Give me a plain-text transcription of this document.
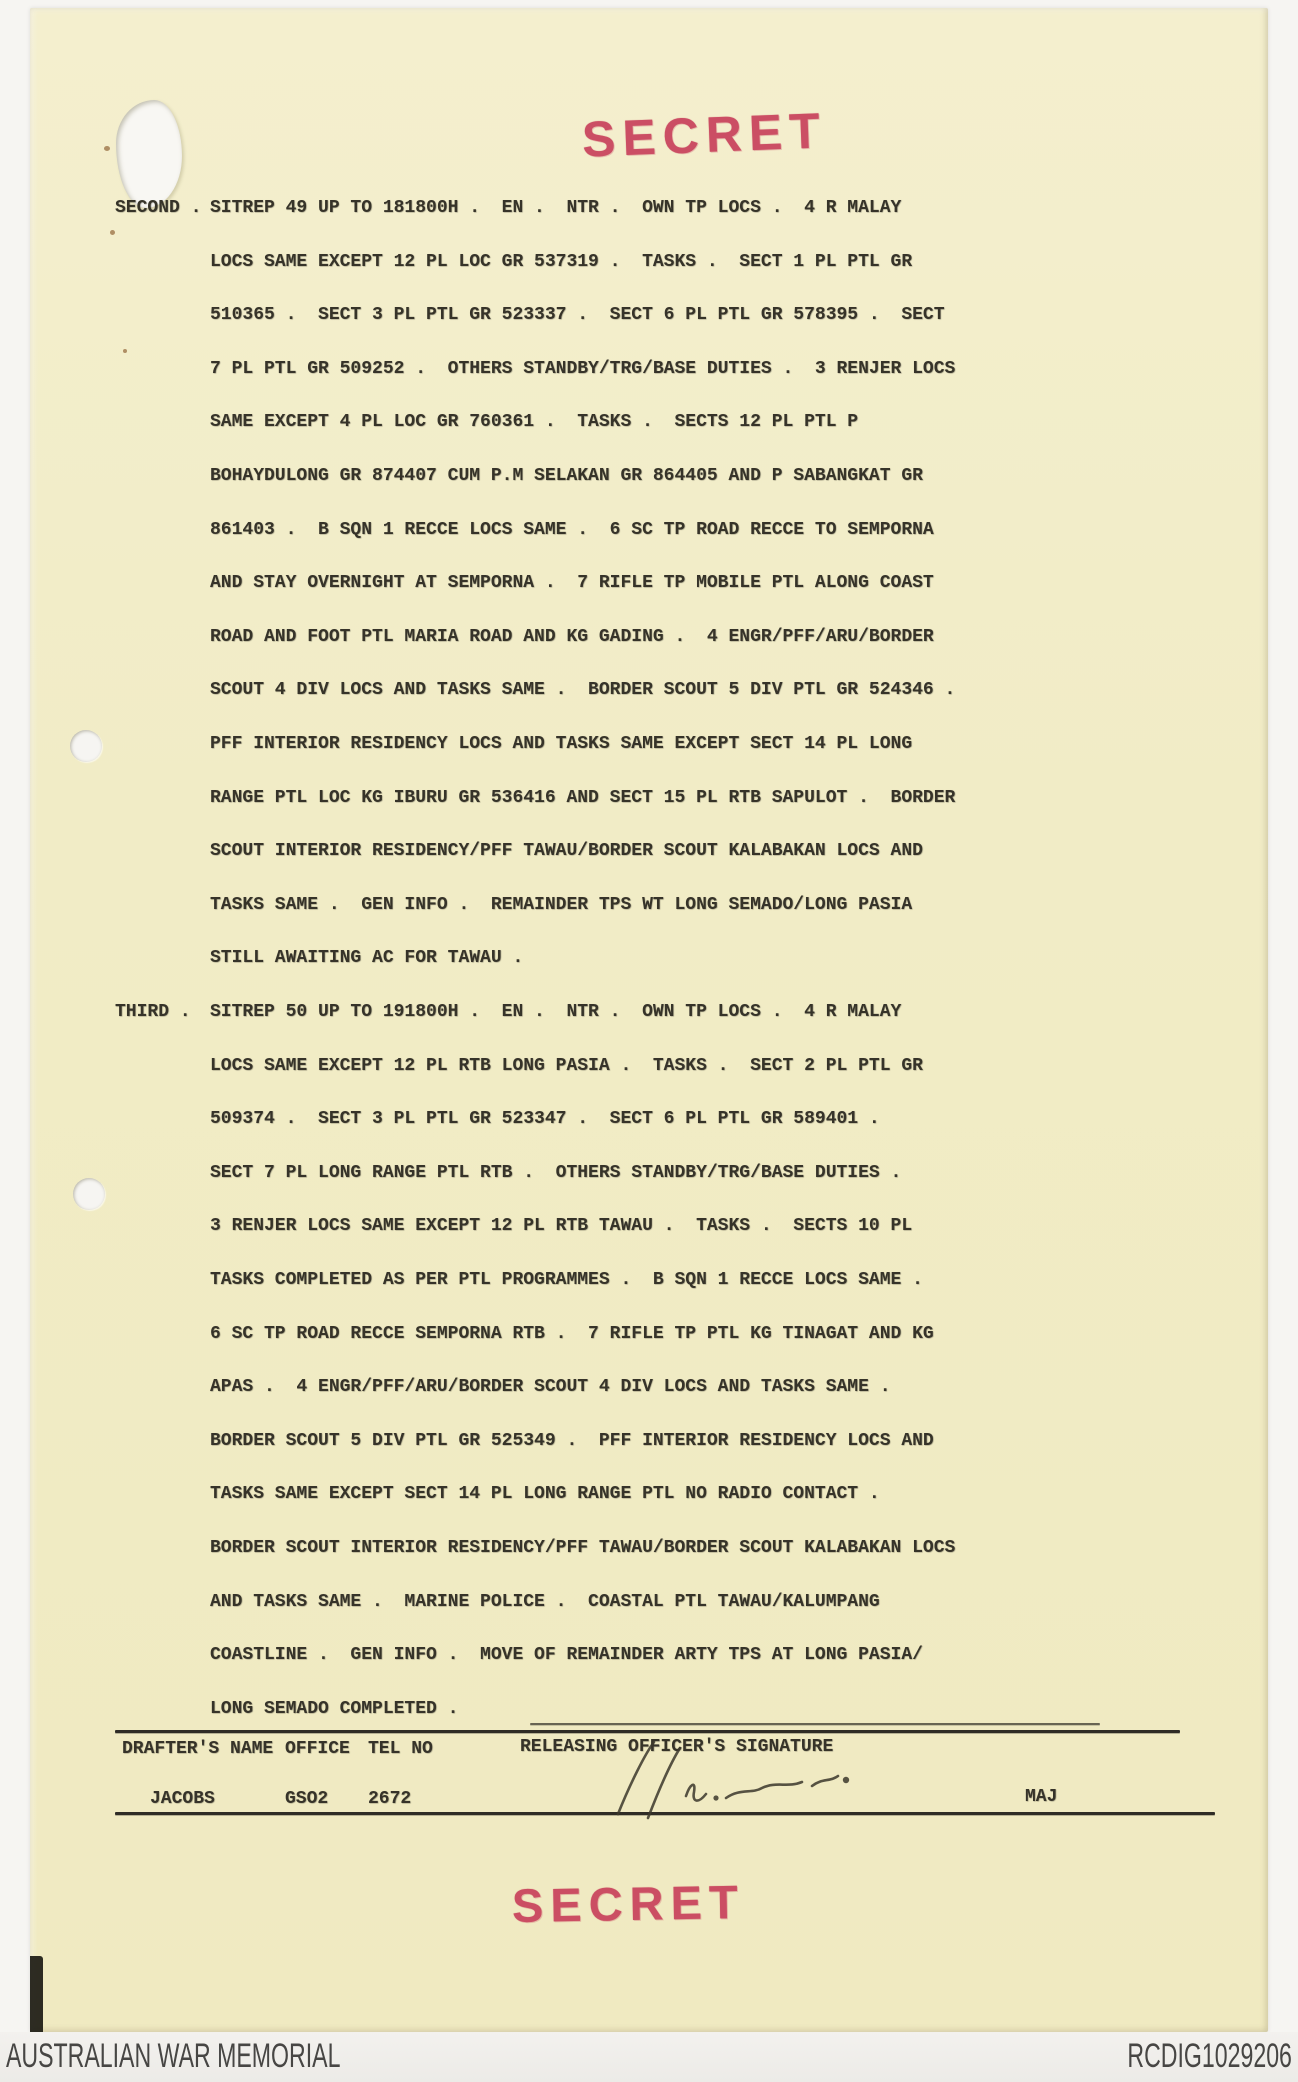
SECRET
SECRET
SECOND . SITREP 49 UP TO 181800H .  EN .  NTR .  OWN TP LOCS .  4 R MALAY
LOCS SAME EXCEPT 12 PL LOC GR 537319 .  TASKS .  SECT 1 PL PTL GR
510365 .  SECT 3 PL PTL GR 523337 .  SECT 6 PL PTL GR 578395 .  SECT
7 PL PTL GR 509252 .  OTHERS STANDBY/TRG/BASE DUTIES .  3 RENJER LOCS
SAME EXCEPT 4 PL LOC GR 760361 .  TASKS .  SECTS 12 PL PTL P
BOHAYDULONG GR 874407 CUM P.M SELAKAN GR 864405 AND P SABANGKAT GR
861403 .  B SQN 1 RECCE LOCS SAME .  6 SC TP ROAD RECCE TO SEMPORNA
AND STAY OVERNIGHT AT SEMPORNA .  7 RIFLE TP MOBILE PTL ALONG COAST
ROAD AND FOOT PTL MARIA ROAD AND KG GADING .  4 ENGR/PFF/ARU/BORDER
SCOUT 4 DIV LOCS AND TASKS SAME .  BORDER SCOUT 5 DIV PTL GR 524346 .
PFF INTERIOR RESIDENCY LOCS AND TASKS SAME EXCEPT SECT 14 PL LONG
RANGE PTL LOC KG IBURU GR 536416 AND SECT 15 PL RTB SAPULOT .  BORDER
SCOUT INTERIOR RESIDENCY/PFF TAWAU/BORDER SCOUT KALABAKAN LOCS AND
TASKS SAME .  GEN INFO .  REMAINDER TPS WT LONG SEMADO/LONG PASIA
STILL AWAITING AC FOR TAWAU .
THIRD . SITREP 50 UP TO 191800H .  EN .  NTR .  OWN TP LOCS .  4 R MALAY
LOCS SAME EXCEPT 12 PL RTB LONG PASIA .  TASKS .  SECT 2 PL PTL GR
509374 .  SECT 3 PL PTL GR 523347 .  SECT 6 PL PTL GR 589401 .
SECT 7 PL LONG RANGE PTL RTB .  OTHERS STANDBY/TRG/BASE DUTIES .
3 RENJER LOCS SAME EXCEPT 12 PL RTB TAWAU .  TASKS .  SECTS 10 PL
TASKS COMPLETED AS PER PTL PROGRAMMES .  B SQN 1 RECCE LOCS SAME .
6 SC TP ROAD RECCE SEMPORNA RTB .  7 RIFLE TP PTL KG TINAGAT AND KG
APAS .  4 ENGR/PFF/ARU/BORDER SCOUT 4 DIV LOCS AND TASKS SAME .
BORDER SCOUT 5 DIV PTL GR 525349 .  PFF INTERIOR RESIDENCY LOCS AND
TASKS SAME EXCEPT SECT 14 PL LONG RANGE PTL NO RADIO CONTACT .
BORDER SCOUT INTERIOR RESIDENCY/PFF TAWAU/BORDER SCOUT KALABAKAN LOCS
AND TASKS SAME .  MARINE POLICE .  COASTAL PTL TAWAU/KALUMPANG
COASTLINE .  GEN INFO .  MOVE OF REMAINDER ARTY TPS AT LONG PASIA/
LONG SEMADO COMPLETED .
DRAFTER'S NAME OFFICE TEL NO	RELEASING OFFICER'S SIGNATURE
JACOBS	GSO2 2672	MAJ
AUSTRALIAN WAR MEMORIAL	RCDIG1029206
